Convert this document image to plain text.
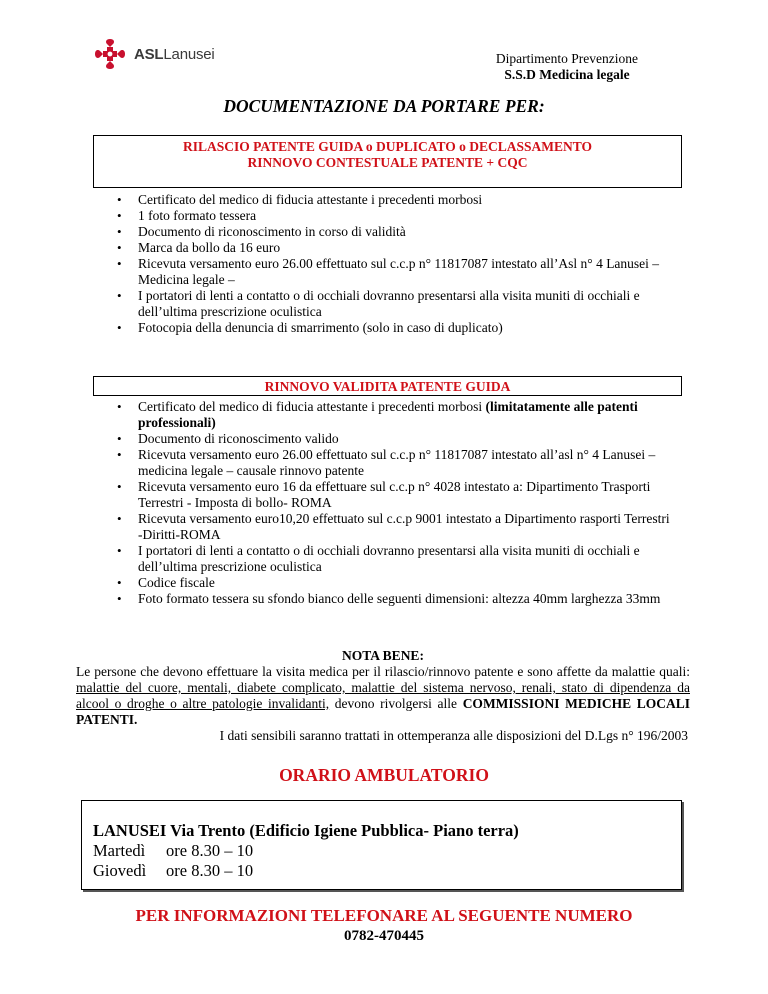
ASLLanusei	Dipartimento Prevenzione
S.S.D Medicina legale
DOCUMENTAZIONE DA PORTARE PER:
RILASCIO PATENTE GUIDA o DUPLICATO o DECLASSAMENTO
RINNOVO CONTESTUALE PATENTE + CQC
• Certificato del medico di fiducia attestante i precedenti morbosi
• 1 foto formato tessera
• Documento di riconoscimento in corso di validità
• Marca da bollo da 16 euro
• Ricevuta versamento euro 26.00 effettuato sul c.c.p n° 11817087 intestato all’Asl n° 4 Lanusei – Medicina legale –
• I portatori di lenti a contatto o di occhiali dovranno presentarsi alla visita muniti di occhiali e dell’ultima prescrizione oculistica
• Fotocopia della denuncia di smarrimento (solo in caso di duplicato)
RINNOVO VALIDITA PATENTE GUIDA
• Certificato del medico di fiducia attestante i precedenti morbosi (limitatamente alle patenti professionali)
• Documento di riconoscimento valido
• Ricevuta versamento euro 26.00 effettuato sul c.c.p n° 11817087 intestato all’asl n° 4 Lanusei – medicina legale – causale rinnovo patente
• Ricevuta versamento euro 16 da effettuare sul c.c.p n° 4028 intestato a: Dipartimento Trasporti Terrestri - Imposta di bollo- ROMA
• Ricevuta versamento euro10,20 effettuato sul c.c.p 9001 intestato a Dipartimento rasporti Terrestri -Diritti-ROMA
• I portatori di lenti a contatto o di occhiali dovranno presentarsi alla visita muniti di occhiali e dell’ultima prescrizione oculistica
• Codice fiscale
• Foto formato tessera su sfondo bianco delle seguenti dimensioni: altezza 40mm larghezza 33mm
NOTA BENE:
Le persone che devono effettuare la visita medica per il rilascio/rinnovo patente e sono affette da malattie quali: malattie del cuore, mentali, diabete complicato, malattie del sistema nervoso, renali, stato di dipendenza da alcool o droghe o altre patologie invalidanti, devono rivolgersi alle COMMISSIONI MEDICHE LOCALI PATENTI.
I dati sensibili saranno trattati in ottemperanza alle disposizioni del D.Lgs n° 196/2003
ORARIO AMBULATORIO
LANUSEI Via Trento (Edificio Igiene Pubblica- Piano terra)
Martedì	ore 8.30 – 10
Giovedì	ore 8.30 – 10
PER INFORMAZIONI TELEFONARE AL SEGUENTE NUMERO
0782-470445
